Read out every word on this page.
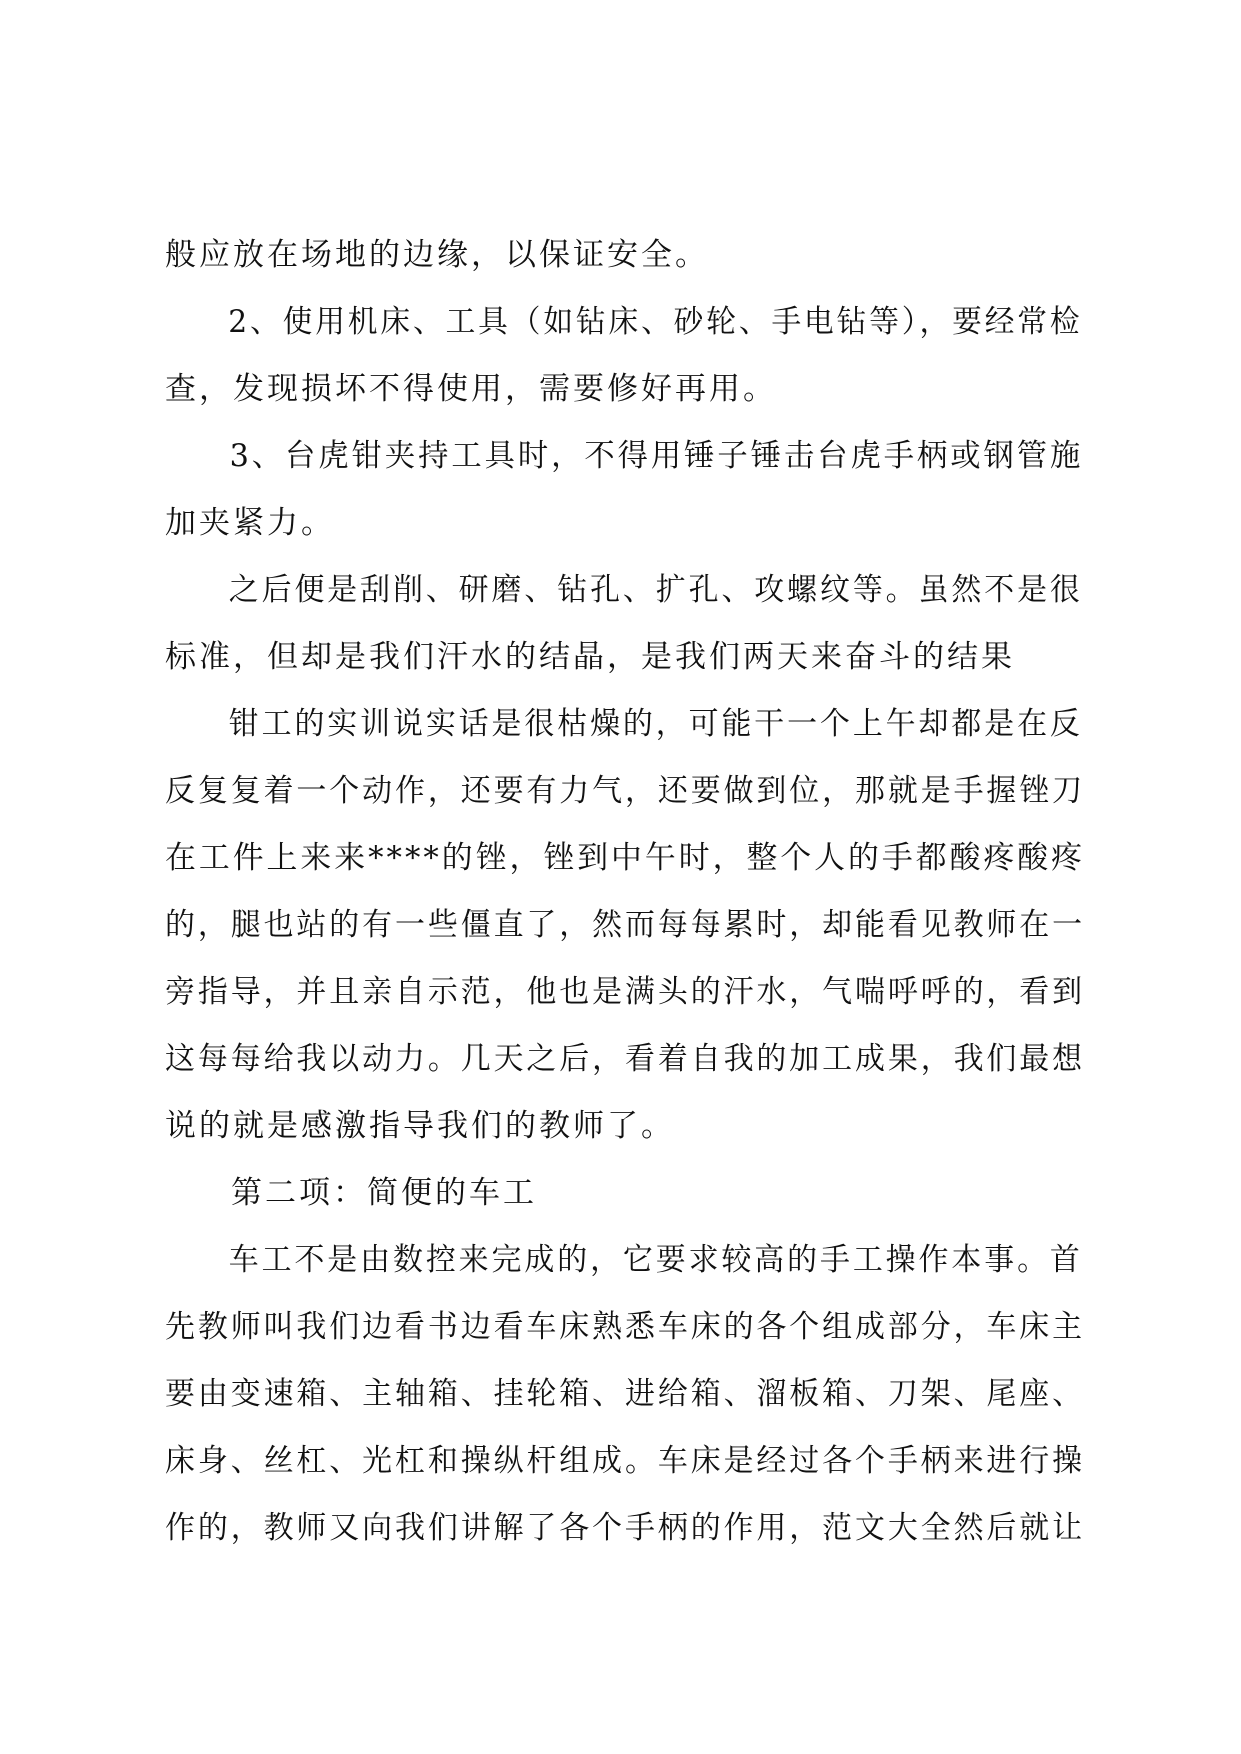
般应放在场地的边缘，以保证安全。
2、使用机床、工具（如钻床、砂轮、手电钻等），要经常检
查，发现损坏不得使用，需要修好再用。
3、台虎钳夹持工具时，不得用锤子锤击台虎手柄或钢管施
加夹紧力。
之后便是刮削、研磨、钻孔、扩孔、攻螺纹等。虽然不是很
标准，但却是我们汗水的结晶，是我们两天来奋斗的结果
钳工的实训说实话是很枯燥的，可能干一个上午却都是在反
反复复着一个动作，还要有力气，还要做到位，那就是手握锉刀
在工件上来来****的锉，锉到中午时，整个人的手都酸疼酸疼
的，腿也站的有一些僵直了，然而每每累时，却能看见教师在一
旁指导，并且亲自示范，他也是满头的汗水，气喘呼呼的，看到
这每每给我以动力。几天之后，看着自我的加工成果，我们最想
说的就是感激指导我们的教师了。
第二项：简便的车工
车工不是由数控来完成的，它要求较高的手工操作本事。首
先教师叫我们边看书边看车床熟悉车床的各个组成部分，车床主
要由变速箱、主轴箱、挂轮箱、进给箱、溜板箱、刀架、尾座、
床身、丝杠、光杠和操纵杆组成。车床是经过各个手柄来进行操
作的，教师又向我们讲解了各个手柄的作用，范文大全然后就让
